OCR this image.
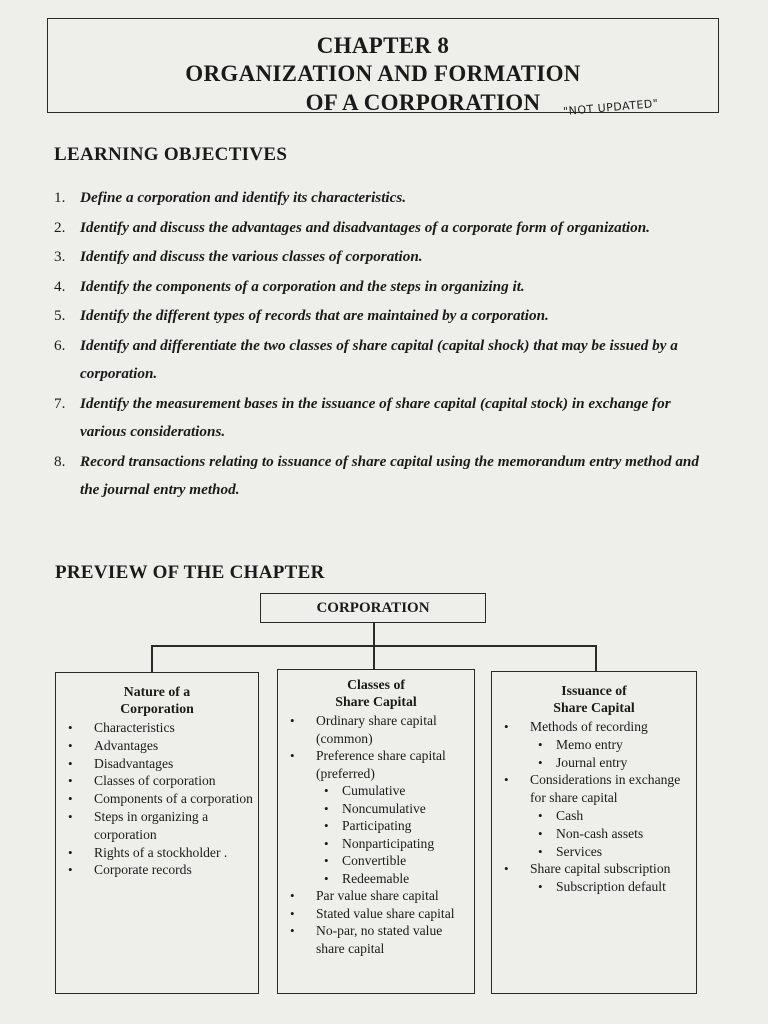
CHAPTER 8
ORGANIZATION AND FORMATION
OF A CORPORATION	"NOT UPDATED"
LEARNING OBJECTIVES
1. Define a corporation and identify its characteristics.
2. Identify and discuss the advantages and disadvantages of a corporate form of organization.
3. Identify and discuss the various classes of corporation.
4. Identify the components of a corporation and the steps in organizing it.
5. Identify the different types of records that are maintained by a corporation.
6. Identify and differentiate the two classes of share capital (capital shock) that may be issued by a corporation.
7. Identify the measurement bases in the issuance of share capital (capital stock) in exchange for various considerations.
8. Record transactions relating to issuance of share capital using the memorandum entry method and the journal entry method.
PREVIEW OF THE CHAPTER
CORPORATION
Nature of a
Corporation
• Characteristics
• Advantages
• Disadvantages
• Classes of corporation
• Components of a corporation
• Steps in organizing a corporation
• Rights of a stockholder .
• Corporate records
Classes of
Share Capital
• Ordinary share capital (common)
• Preference share capital (preferred)
• Cumulative
• Noncumulative
• Participating
• Nonparticipating
• Convertible
• Redeemable
• Par value share capital
• Stated value share capital
• No-par, no stated value share capital
Issuance of
Share Capital
• Methods of recording
• Memo entry
• Journal entry
• Considerations in exchange for share capital
• Cash
• Non-cash assets
• Services
• Share capital subscription
• Subscription default
